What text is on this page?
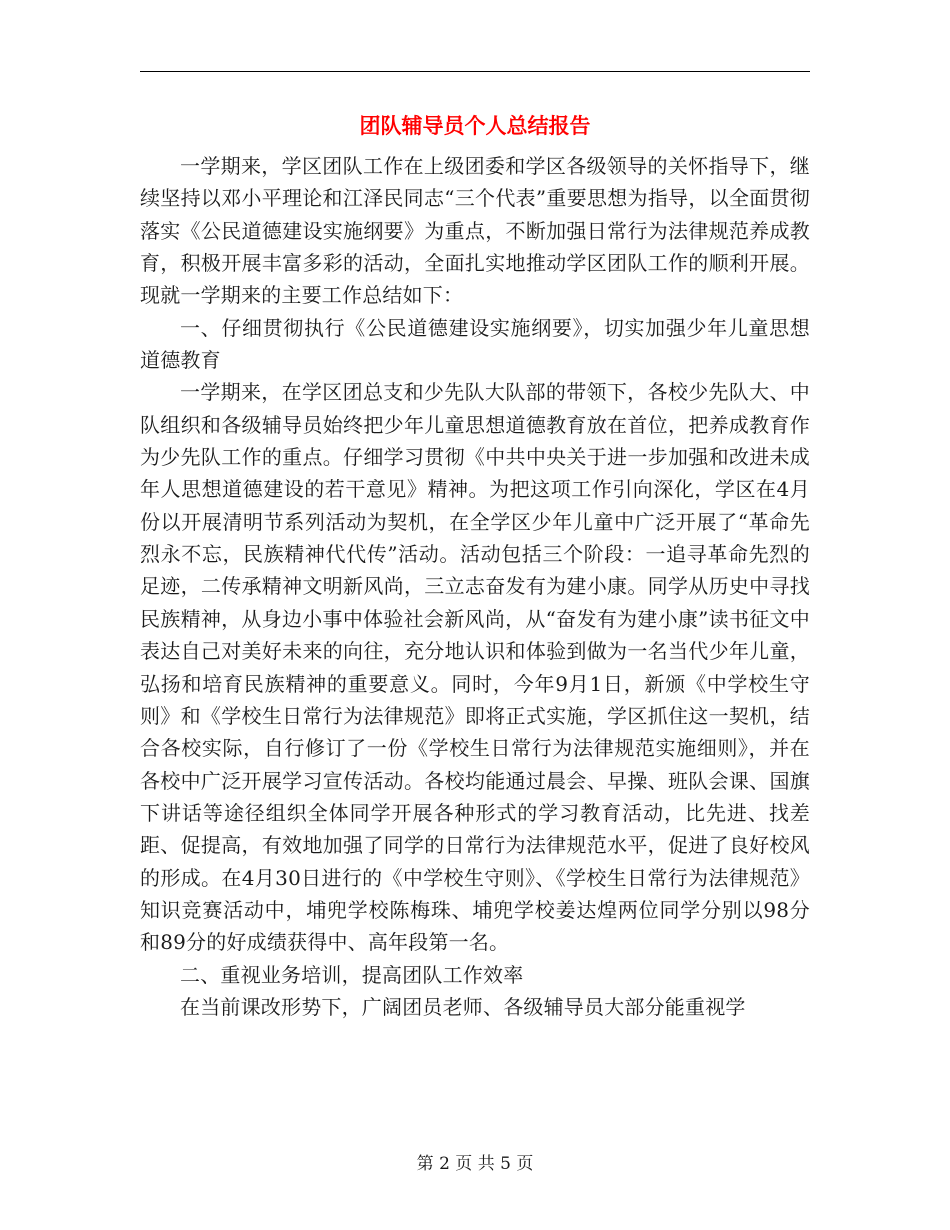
团队辅导员个人总结报告

一学期来，学区团队工作在上级团委和学区各级领导的关怀指导下，继续坚持以邓小平理论和江泽民同志“三个代表”重要思想为指导，以全面贯彻落实《公民道德建设实施纲要》为重点，不断加强日常行为法律规范养成教育，积极开展丰富多彩的活动，全面扎实地推动学区团队工作的顺利开展。现就一学期来的主要工作总结如下：

一、仔细贯彻执行《公民道德建设实施纲要》，切实加强少年儿童思想道德教育

一学期来，在学区团总支和少先队大队部的带领下，各校少先队大、中队组织和各级辅导员始终把少年儿童思想道德教育放在首位，把养成教育作为少先队工作的重点。仔细学习贯彻《中共中央关于进一步加强和改进未成年人思想道德建设的若干意见》精神。为把这项工作引向深化，学区在4月份以开展清明节系列活动为契机，在全学区少年儿童中广泛开展了“革命先烈永不忘，民族精神代代传”活动。活动包括三个阶段：一追寻革命先烈的足迹，二传承精神文明新风尚，三立志奋发有为建小康。同学从历史中寻找民族精神，从身边小事中体验社会新风尚，从“奋发有为建小康”读书征文中表达自己对美好未来的向往，充分地认识和体验到做为一名当代少年儿童，弘扬和培育民族精神的重要意义。同时，今年9月1日，新颁《中学校生守则》和《学校生日常行为法律规范》即将正式实施，学区抓住这一契机，结合各校实际，自行修订了一份《学校生日常行为法律规范实施细则》，并在各校中广泛开展学习宣传活动。各校均能通过晨会、早操、班队会课、国旗下讲话等途径组织全体同学开展各种形式的学习教育活动，比先进、找差距、促提高，有效地加强了同学的日常行为法律规范水平，促进了良好校风的形成。在4月30日进行的《中学校生守则》、《学校生日常行为法律规范》知识竞赛活动中，埔兜学校陈梅珠、埔兜学校姜达煌两位同学分别以98分和89分的好成绩获得中、高年段第一名。

二、重视业务培训，提高团队工作效率

在当前课改形势下，广阔团员老师、各级辅导员大部分能重视学

第 2 页 共 5 页
